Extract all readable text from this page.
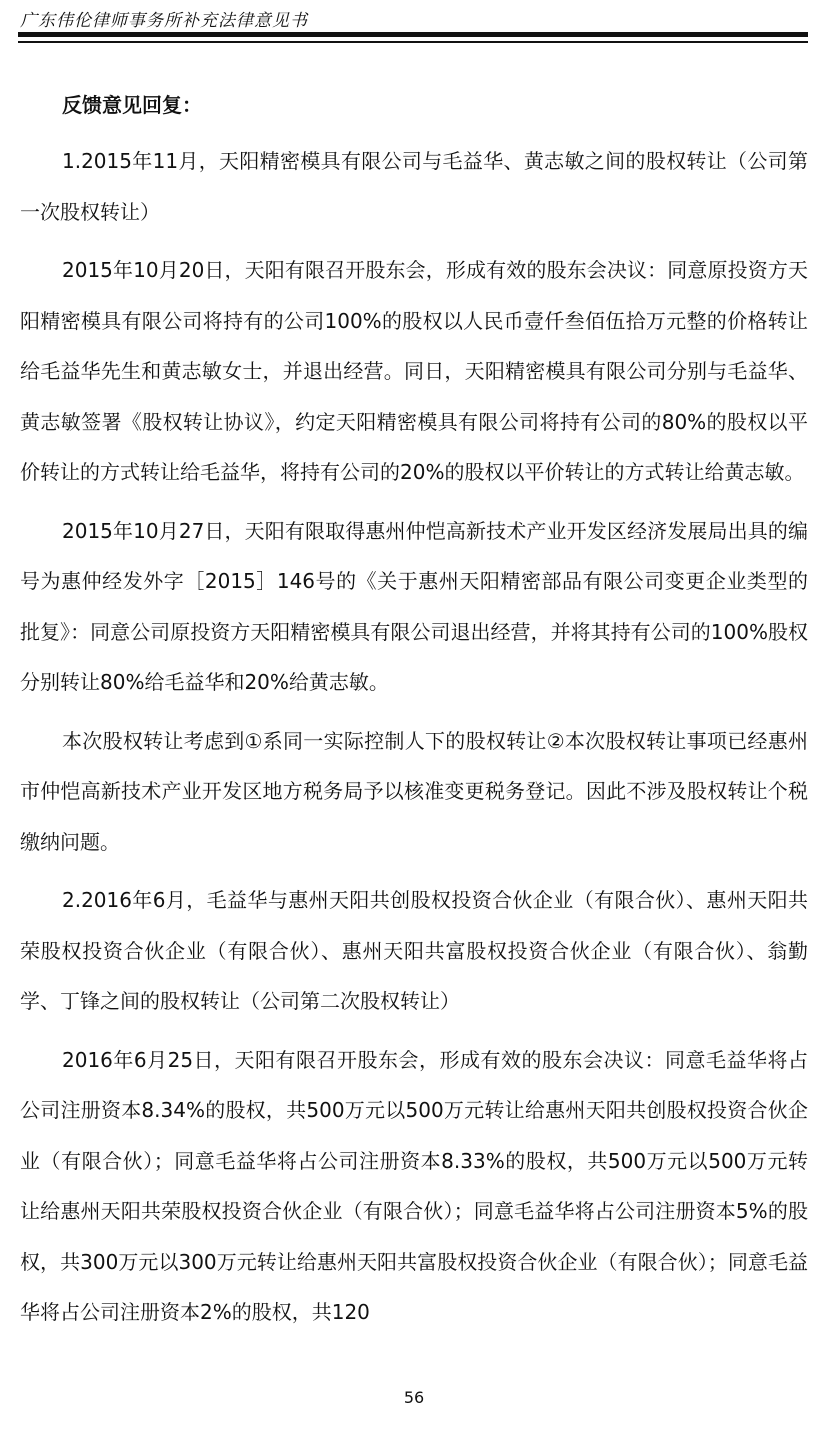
广东伟伦律师事务所补充法律意见书
反馈意见回复：

1.2015年11月，天阳精密模具有限公司与毛益华、黄志敏之间的股权转让（公司第一次股权转让）

2015年10月20日，天阳有限召开股东会，形成有效的股东会决议：同意原投资方天阳精密模具有限公司将持有的公司100%的股权以人民币壹仟叁佰伍拾万元整的价格转让给毛益华先生和黄志敏女士，并退出经营。同日，天阳精密模具有限公司分别与毛益华、黄志敏签署《股权转让协议》，约定天阳精密模具有限公司将持有公司的80%的股权以平价转让的方式转让给毛益华，将持有公司的20%的股权以平价转让的方式转让给黄志敏。

2015年10月27日，天阳有限取得惠州仲恺高新技术产业开发区经济发展局出具的编号为惠仲经发外字［2015］146号的《关于惠州天阳精密部品有限公司变更企业类型的批复》：同意公司原投资方天阳精密模具有限公司退出经营，并将其持有公司的100%股权分别转让80%给毛益华和20%给黄志敏。

本次股权转让考虑到①系同一实际控制人下的股权转让②本次股权转让事项已经惠州市仲恺高新技术产业开发区地方税务局予以核准变更税务登记。因此不涉及股权转让个税缴纳问题。

2.2016年6月，毛益华与惠州天阳共创股权投资合伙企业（有限合伙）、惠州天阳共荣股权投资合伙企业（有限合伙）、惠州天阳共富股权投资合伙企业（有限合伙）、翁勤学、丁锋之间的股权转让（公司第二次股权转让）

2016年6月25日，天阳有限召开股东会，形成有效的股东会决议：同意毛益华将占公司注册资本8.34%的股权，共500万元以500万元转让给惠州天阳共创股权投资合伙企业（有限合伙）；同意毛益华将占公司注册资本8.33%的股权，共500万元以500万元转让给惠州天阳共荣股权投资合伙企业（有限合伙）；同意毛益华将占公司注册资本5%的股权，共300万元以300万元转让给惠州天阳共富股权投资合伙企业（有限合伙）；同意毛益华将占公司注册资本2%的股权，共120

56
